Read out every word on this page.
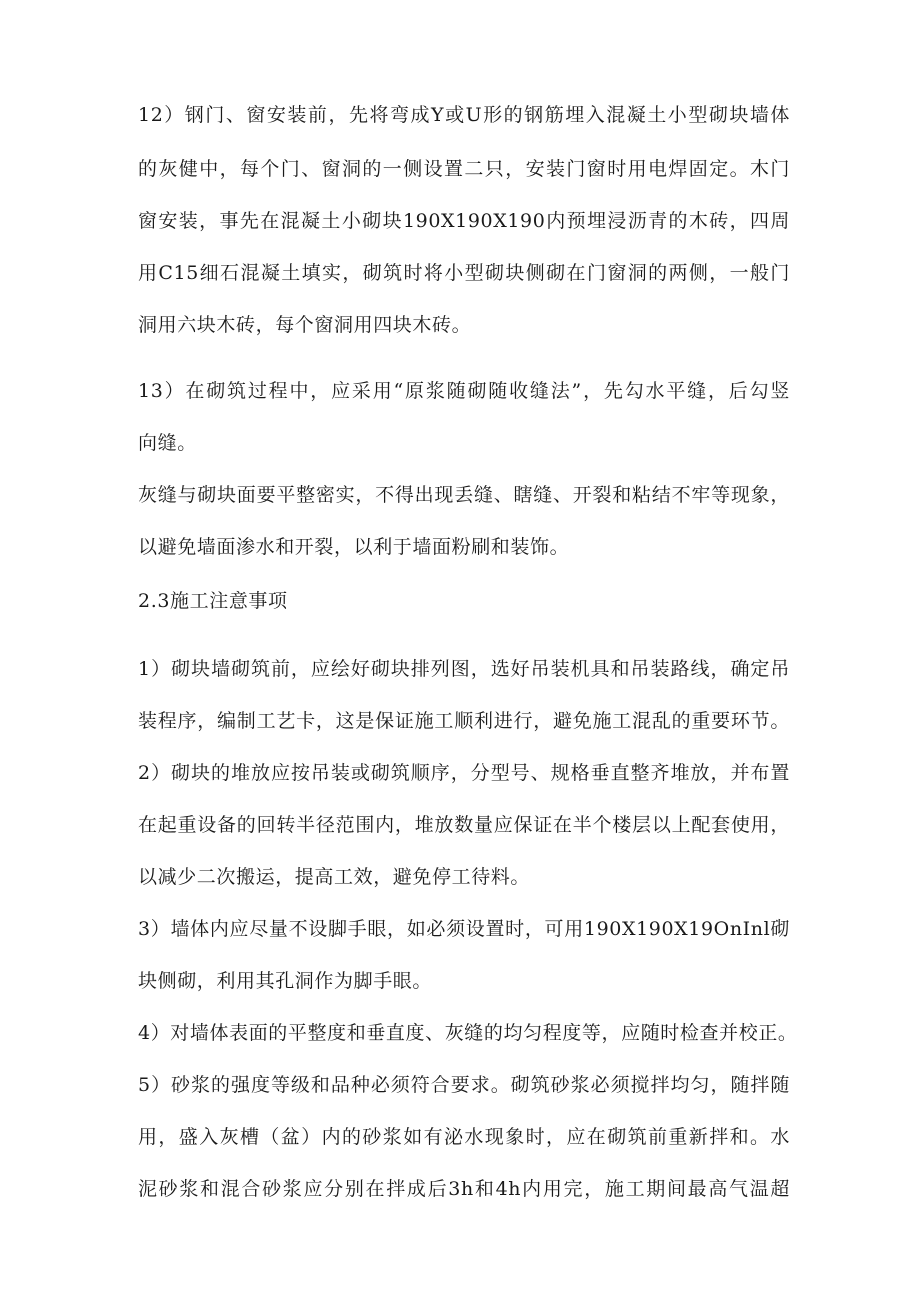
12）钢门、窗安装前，先将弯成Y或U形的钢筋埋入混凝土小型砌块墙体
的灰健中，每个门、窗洞的一侧设置二只，安装门窗时用电焊固定。木门
窗安装，事先在混凝土小砌块190X190X190内预埋浸沥青的木砖，四周
用C15细石混凝土填实，砌筑时将小型砌块侧砌在门窗洞的两侧，一般门
洞用六块木砖，每个窗洞用四块木砖。
13）在砌筑过程中，应采用“原浆随砌随收缝法”，先勾水平缝，后勾竖
向缝。
灰缝与砌块面要平整密实，不得出现丢缝、瞎缝、开裂和粘结不牢等现象，
以避免墙面渗水和开裂，以利于墙面粉刷和装饰。
2.3施工注意事项
1）砌块墙砌筑前，应绘好砌块排列图，选好吊装机具和吊装路线，确定吊
装程序，编制工艺卡，这是保证施工顺利进行，避免施工混乱的重要环节。
2）砌块的堆放应按吊装或砌筑顺序，分型号、规格垂直整齐堆放，并布置
在起重设备的回转半径范围内，堆放数量应保证在半个楼层以上配套使用，
以减少二次搬运，提高工效，避免停工待料。
3）墙体内应尽量不设脚手眼，如必须设置时，可用190X190X19OnInl砌
块侧砌，利用其孔洞作为脚手眼。
4）对墙体表面的平整度和垂直度、灰缝的均匀程度等，应随时检查并校正。
5）砂浆的强度等级和品种必须符合要求。砌筑砂浆必须搅拌均匀，随拌随
用，盛入灰槽（盆）内的砂浆如有泌水现象时，应在砌筑前重新拌和。水
泥砂浆和混合砂浆应分别在拌成后3h和4h内用完，施工期间最高气温超
